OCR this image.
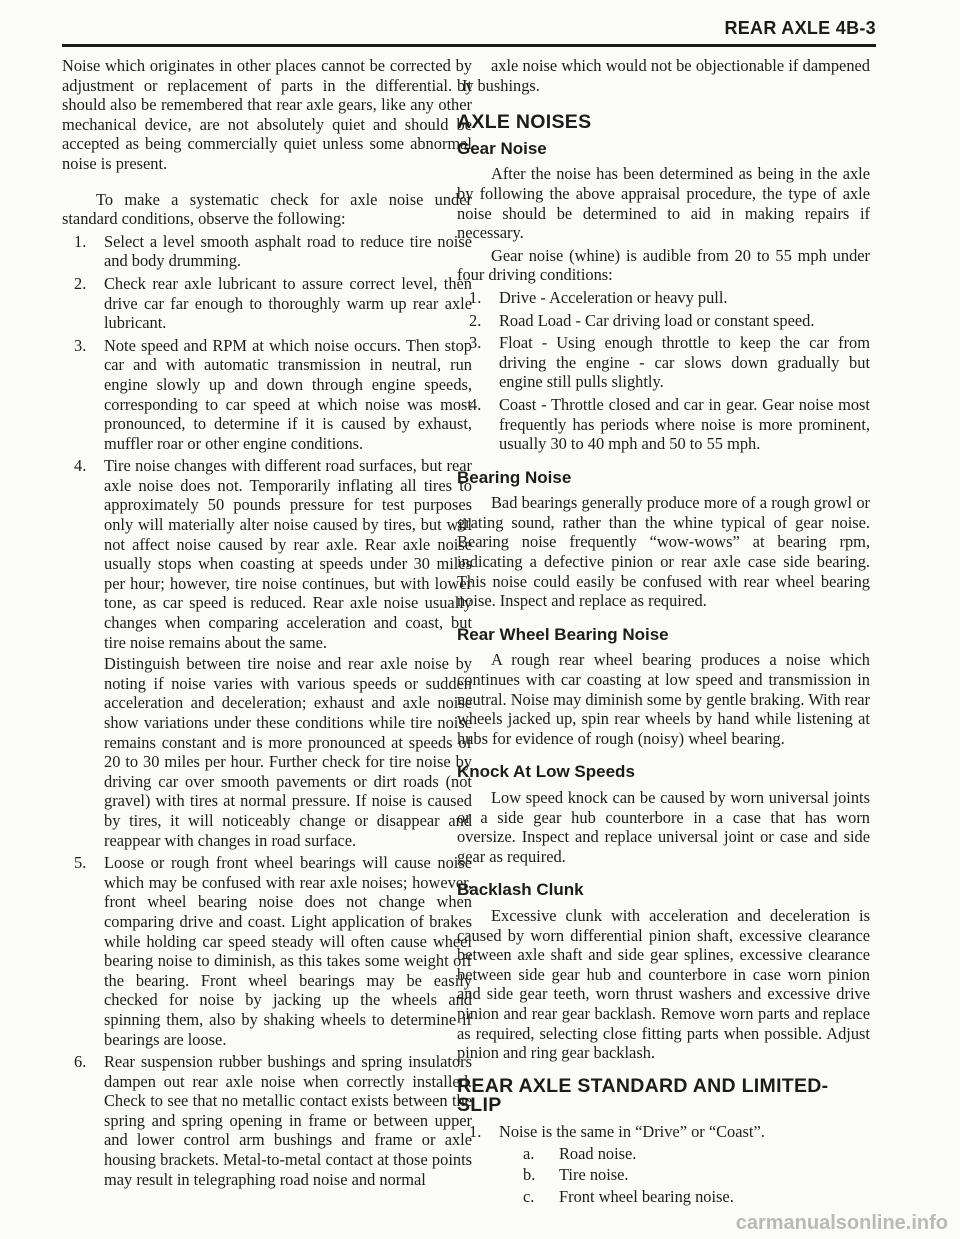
REAR AXLE 4B-3

Noise which originates in other places cannot be corrected by adjustment or replacement of parts in the differential. It should also be remembered that rear axle gears, like any other mechanical device, are not absolutely quiet and should be accepted as being commercially quiet unless some abnormal noise is present.

To make a systematic check for axle noise under standard conditions, observe the following:

1. Select a level smooth asphalt road to reduce tire noise and body drumming.

2. Check rear axle lubricant to assure correct level, then drive car far enough to thoroughly warm up rear axle lubricant.

3. Note speed and RPM at which noise occurs. Then stop car and with automatic transmission in neutral, run engine slowly up and down through engine speeds, corresponding to car speed at which noise was most pronounced, to determine if it is caused by exhaust, muffler roar or other engine conditions.

4. Tire noise changes with different road surfaces, but rear axle noise does not. Temporarily inflating all tires to approximately 50 pounds pressure for test purposes only will materially alter noise caused by tires, but will not affect noise caused by rear axle. Rear axle noise usually stops when coasting at speeds under 30 miles per hour; however, tire noise continues, but with lower tone, as car speed is reduced. Rear axle noise usually changes when comparing acceleration and coast, but tire noise remains about the same.

Distinguish between tire noise and rear axle noise by noting if noise varies with various speeds or sudden acceleration and deceleration; exhaust and axle noise show variations under these conditions while tire noise remains constant and is more pronounced at speeds of 20 to 30 miles per hour. Further check for tire noise by driving car over smooth pavements or dirt roads (not gravel) with tires at normal pressure. If noise is caused by tires, it will noticeably change or disappear and reappear with changes in road surface.

5. Loose or rough front wheel bearings will cause noise which may be confused with rear axle noises; however, front wheel bearing noise does not change when comparing drive and coast. Light application of brakes while holding car speed steady will often cause wheel bearing noise to diminish, as this takes some weight off the bearing. Front wheel bearings may be easily checked for noise by jacking up the wheels and spinning them, also by shaking wheels to determine if bearings are loose.

6. Rear suspension rubber bushings and spring insulators dampen out rear axle noise when correctly installed. Check to see that no metallic contact exists between the spring and spring opening in frame or between upper and lower control arm bushings and frame or axle housing brackets. Metal-to-metal contact at those points may result in telegraphing road noise and normal

axle noise which would not be objectionable if dampened by bushings.

AXLE NOISES
Gear Noise

After the noise has been determined as being in the axle by following the above appraisal procedure, the type of axle noise should be determined to aid in making repairs if necessary.

Gear noise (whine) is audible from 20 to 55 mph under four driving conditions:

1. Drive - Acceleration or heavy pull.

2. Road Load - Car driving load or constant speed.

3. Float - Using enough throttle to keep the car from driving the engine - car slows down gradually but engine still pulls slightly.

4. Coast - Throttle closed and car in gear. Gear noise most frequently has periods where noise is more prominent, usually 30 to 40 mph and 50 to 55 mph.

Bearing Noise

Bad bearings generally produce more of a rough growl or grating sound, rather than the whine typical of gear noise. Bearing noise frequently “wow-wows” at bearing rpm, indicating a defective pinion or rear axle case side bearing. This noise could easily be confused with rear wheel bearing noise. Inspect and replace as required.

Rear Wheel Bearing Noise

A rough rear wheel bearing produces a noise which continues with car coasting at low speed and transmission in neutral. Noise may diminish some by gentle braking. With rear wheels jacked up, spin rear wheels by hand while listening at hubs for evidence of rough (noisy) wheel bearing.

Knock At Low Speeds

Low speed knock can be caused by worn universal joints or a side gear hub counterbore in a case that has worn oversize. Inspect and replace universal joint or case and side gear as required.

Backlash Clunk

Excessive clunk with acceleration and deceleration is caused by worn differential pinion shaft, excessive clearance between axle shaft and side gear splines, excessive clearance between side gear hub and counterbore in case worn pinion and side gear teeth, worn thrust washers and excessive drive pinion and rear gear backlash. Remove worn parts and replace as required, selecting close fitting parts when possible. Adjust pinion and ring gear backlash.

REAR AXLE STANDARD AND LIMITED-SLIP
1. Noise is the same in “Drive” or “Coast”.

a. Road noise.
b. Tire noise.
c. Front wheel bearing noise.
carmanualsonline.info
